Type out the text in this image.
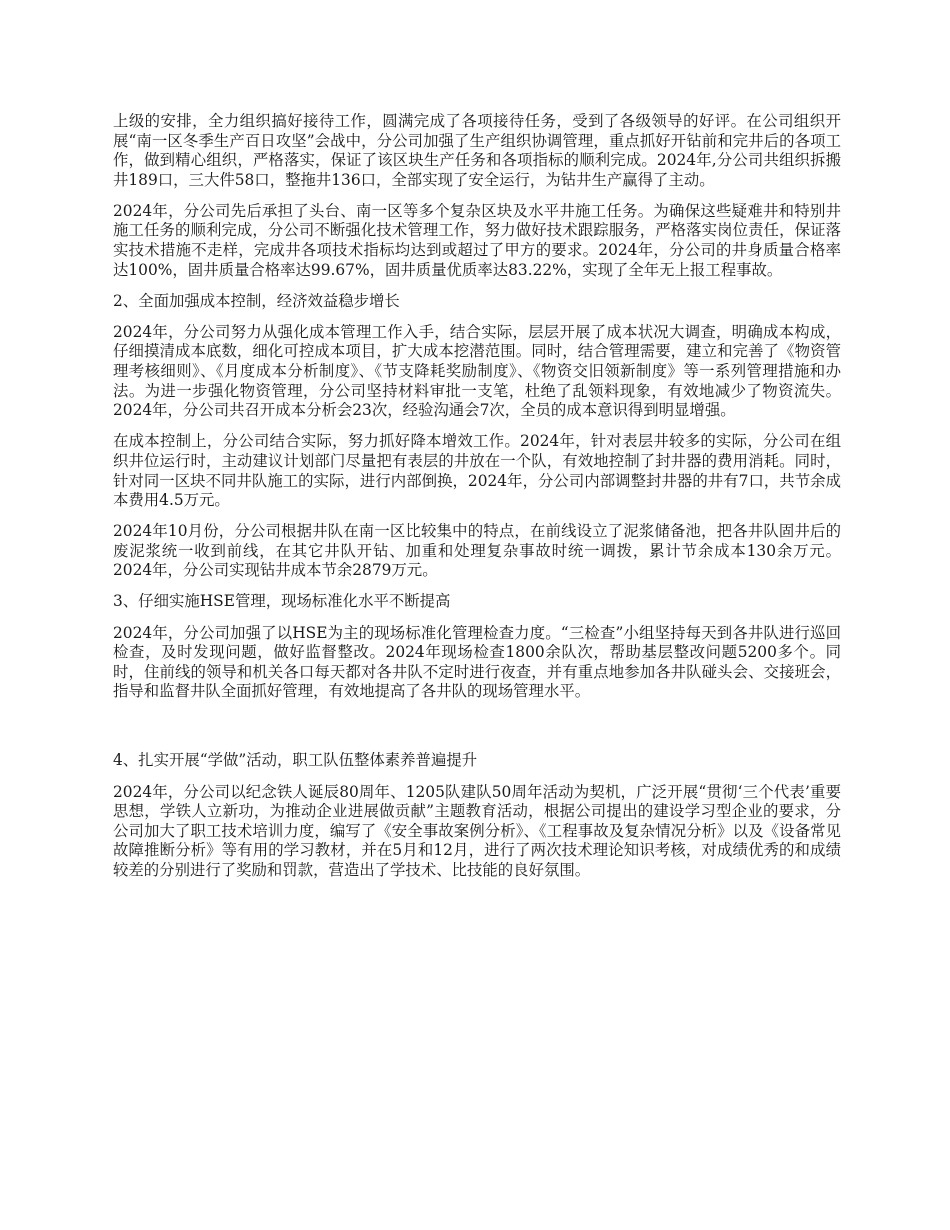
上级的安排，全力组织搞好接待工作，圆满完成了各项接待任务，受到了各级领导的好评。在公司组织开展“南一区冬季生产百日攻坚”会战中，分公司加强了生产组织协调管理，重点抓好开钻前和完井后的各项工作，做到精心组织，严格落实，保证了该区块生产任务和各项指标的顺利完成。2024年,分公司共组织拆搬井189口，三大件58口，整拖井136口，全部实现了安全运行，为钻井生产赢得了主动。

2024年，分公司先后承担了头台、南一区等多个复杂区块及水平井施工任务。为确保这些疑难井和特别井施工任务的顺利完成，分公司不断强化技术管理工作，努力做好技术跟踪服务，严格落实岗位责任，保证落实技术措施不走样，完成井各项技术指标均达到或超过了甲方的要求。2024年，分公司的井身质量合格率达100%，固井质量合格率达99.67%，固井质量优质率达83.22%，实现了全年无上报工程事故。

2、全面加强成本控制，经济效益稳步增长

2024年，分公司努力从强化成本管理工作入手，结合实际，层层开展了成本状况大调查，明确成本构成，仔细摸清成本底数，细化可控成本项目，扩大成本挖潜范围。同时，结合管理需要，建立和完善了《物资管理考核细则》、《月度成本分析制度》、《节支降耗奖励制度》、《物资交旧领新制度》等一系列管理措施和办法。为进一步强化物资管理，分公司坚持材料审批一支笔，杜绝了乱领料现象，有效地减少了物资流失。2024年，分公司共召开成本分析会23次，经验沟通会7次，全员的成本意识得到明显增强。

在成本控制上，分公司结合实际，努力抓好降本增效工作。2024年，针对表层井较多的实际，分公司在组织井位运行时，主动建议计划部门尽量把有表层的井放在一个队，有效地控制了封井器的费用消耗。同时，针对同一区块不同井队施工的实际，进行内部倒换，2024年，分公司内部调整封井器的井有7口，共节余成本费用4.5万元。

2024年10月份，分公司根据井队在南一区比较集中的特点，在前线设立了泥浆储备池，把各井队固井后的废泥浆统一收到前线，在其它井队开钻、加重和处理复杂事故时统一调拨，累计节余成本130余万元。2024年，分公司实现钻井成本节余2879万元。

3、仔细实施HSE管理，现场标准化水平不断提高

2024年，分公司加强了以HSE为主的现场标准化管理检查力度。“三检查”小组坚持每天到各井队进行巡回检查，及时发现问题，做好监督整改。2024年现场检查1800余队次，帮助基层整改问题5200多个。同时，住前线的领导和机关各口每天都对各井队不定时进行夜查，并有重点地参加各井队碰头会、交接班会，指导和监督井队全面抓好管理，有效地提高了各井队的现场管理水平。

4、扎实开展“学做”活动，职工队伍整体素养普遍提升

2024年，分公司以纪念铁人诞辰80周年、1205队建队50周年活动为契机，广泛开展“贯彻‘三个代表’重要思想，学铁人立新功，为推动企业进展做贡献”主题教育活动，根据公司提出的建设学习型企业的要求，分公司加大了职工技术培训力度，编写了《安全事故案例分析》、《工程事故及复杂情况分析》以及《设备常见故障推断分析》等有用的学习教材，并在5月和12月，进行了两次技术理论知识考核，对成绩优秀的和成绩较差的分别进行了奖励和罚款，营造出了学技术、比技能的良好氛围。
